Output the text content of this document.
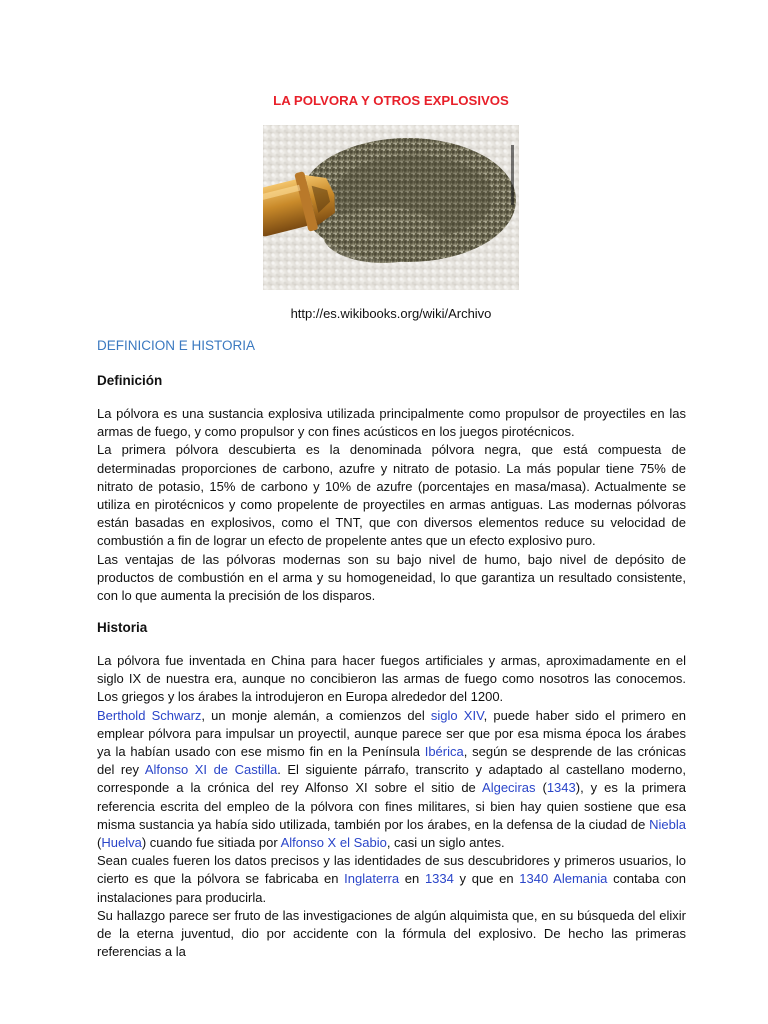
LA POLVORA Y OTROS EXPLOSIVOS
http://es.wikibooks.org/wiki/Archivo
DEFINICION E HISTORIA
Definición

La pólvora es una sustancia explosiva utilizada principalmente como propulsor de proyectiles en las armas de fuego, y como propulsor y con fines acústicos en los juegos pirotécnicos.

La primera pólvora descubierta es la denominada pólvora negra, que está compuesta de determinadas proporciones de carbono, azufre y nitrato de potasio. La más popular tiene 75% de nitrato de potasio, 15% de carbono y 10% de azufre (porcentajes en masa/masa). Actualmente se utiliza en pirotécnicos y como propelente de proyectiles en armas antiguas. Las modernas pólvoras están basadas en explosivos, como el TNT, que con diversos elementos reduce su velocidad de combustión a fin de lograr un efecto de propelente antes que un efecto explosivo puro.

Las ventajas de las pólvoras modernas son su bajo nivel de humo, bajo nivel de depósito de productos de combustión en el arma y su homogeneidad, lo que garantiza un resultado consistente, con lo que aumenta la precisión de los disparos.

Historia

La pólvora fue inventada en China para hacer fuegos artificiales y armas, aproximadamente en el siglo IX de nuestra era, aunque no concibieron las armas de fuego como nosotros las conocemos. Los griegos y los árabes la introdujeron en Europa alrededor del 1200.

Berthold Schwarz, un monje alemán, a comienzos del siglo XIV, puede haber sido el primero en emplear pólvora para impulsar un proyectil, aunque parece ser que por esa misma época los árabes ya la habían usado con ese mismo fin en la Península Ibérica, según se desprende de las crónicas del rey Alfonso XI de Castilla. El siguiente párrafo, transcrito y adaptado al castellano moderno, corresponde a la crónica del rey Alfonso XI sobre el sitio de Algeciras (1343), y es la primera referencia escrita del empleo de la pólvora con fines militares, si bien hay quien sostiene que esa misma sustancia ya había sido utilizada, también por los árabes, en la defensa de la ciudad de Niebla (Huelva) cuando fue sitiada por Alfonso X el Sabio, casi un siglo antes.

Sean cuales fueren los datos precisos y las identidades de sus descubridores y primeros usuarios, lo cierto es que la pólvora se fabricaba en Inglaterra en 1334 y que en 1340 Alemania contaba con instalaciones para producirla.

Su hallazgo parece ser fruto de las investigaciones de algún alquimista que, en su búsqueda del elixir de la eterna juventud, dio por accidente con la fórmula del explosivo. De hecho las primeras referencias a la
